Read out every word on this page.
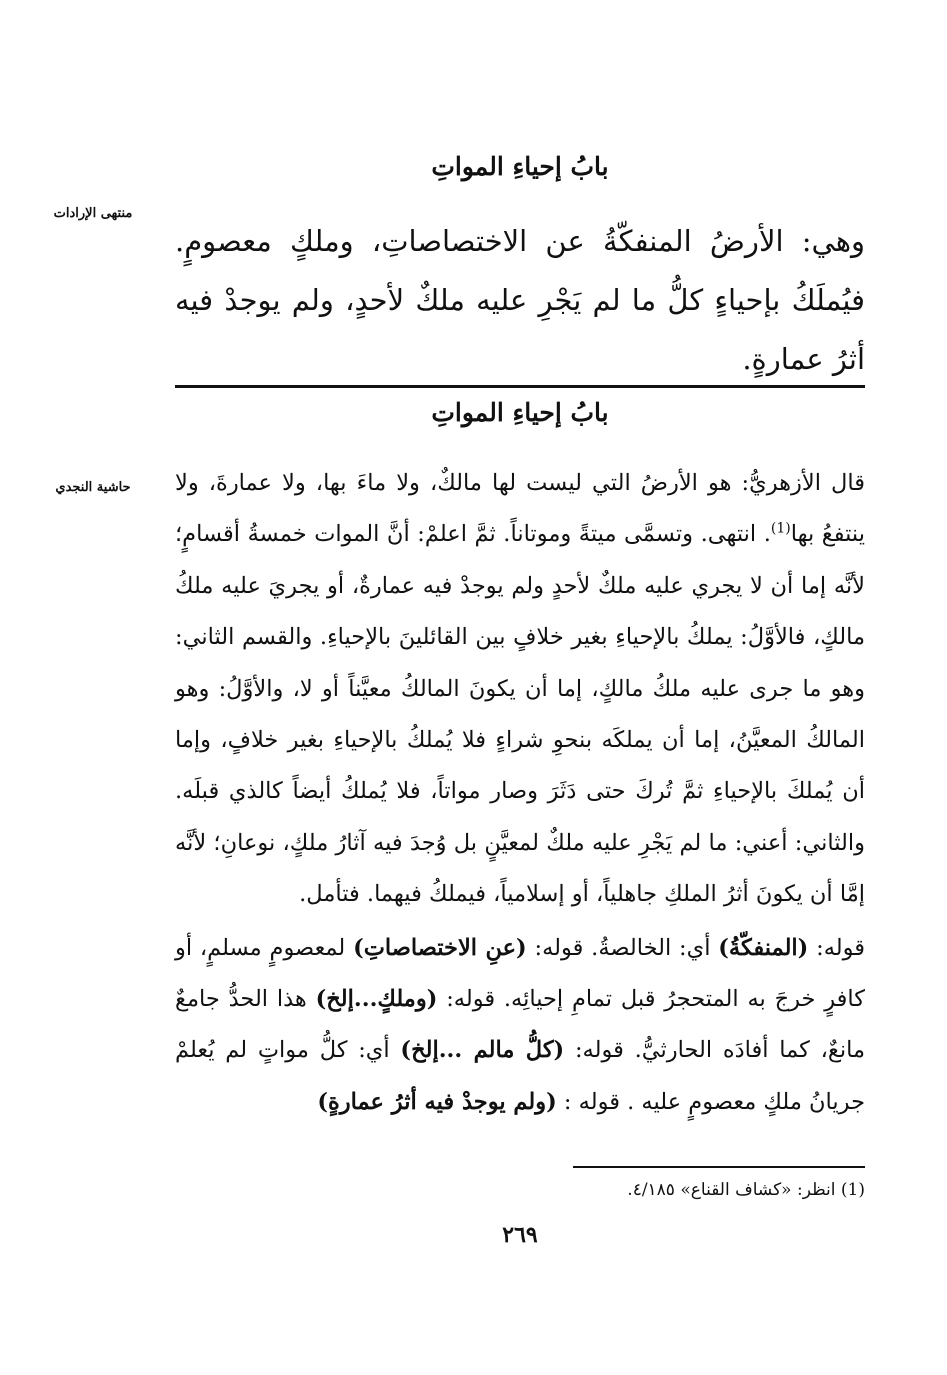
بابُ إحياءِ المواتِ
منتهى الإرادات
وهي: الأرضُ المنفكّةُ عن الاختصاصاتِ، وملكٍ معصومٍ. فيُملَكُ بإحياءٍ كلُّ ما لم يَجْرِ عليه ملكٌ لأحدٍ، ولم يوجدْ فيه أثرُ عمارةٍ.
بابُ إحياءِ المواتِ
حاشية النجدي	قال الأزهريُّ: هو الأرضُ التي ليست لها مالكٌ، ولا ماءَ بها، ولا عمارةَ، ولا ينتفعُ بها$^{(1)}$. انتهى. وتسمَّى ميتةً وموتاناً. ثمَّ اعلمْ: أنَّ الموات خمسةُ أقسامٍ؛ لأنَّه إما أن لا يجري عليه ملكٌ لأحدٍ ولم يوجدْ فيه عمارةٌ، أو يجريَ عليه ملكُ مالكٍ، فالأوَّلُ: يملكُ بالإحياءِ بغير خلافٍ بين القائلينَ بالإحياءِ. والقسم الثاني: وهو ما جرى عليه ملكُ مالكٍ، إما أن يكونَ المالكُ معيَّناً أو لا، والأوَّلُ: وهو المالكُ المعيَّنُ، إما أن يملكَه بنحوِ شراءٍ فلا يُملكُ بالإحياءِ بغير خلافٍ، وإما أن يُملكَ بالإحياءِ ثمَّ تُركَ حتى دَثَرَ وصار مواتاً، فلا يُملكُ أيضاً كالذي قبلَه. والثاني: أعني: ما لم يَجْرِ عليه ملكٌ لمعيَّنٍ بل وُجدَ فيه آثارُ ملكٍ، نوعانِ؛ لأنَّه إمَّا أن يكونَ أثرُ الملكِ جاهلياً، أو إسلامياً، فيملكُ فيهما. فتأمل.

قوله: (المنفكّةُ) أي: الخالصةُ. قوله: (عنِ الاختصاصاتِ) لمعصومٍ مسلمٍ، أو كافرٍ خرجَ به المتحجرُ قبل تمامِ إحيائِه. قوله: (وملكٍ...إلخ) هذا الحدُّ جامعٌ مانعٌ، كما أفادَه الحارثيُّ. قوله: (كلُّ مالم ...إلخ) أي: كلُّ مواتٍ لم يُعلمْ جريانُ ملكٍ معصومٍ عليه . قوله : (ولم يوجدْ فيه أثرُ عمارةٍ)

(1) انظر: «كشاف القناع» ٤/١٨٥.
٢٦٩
